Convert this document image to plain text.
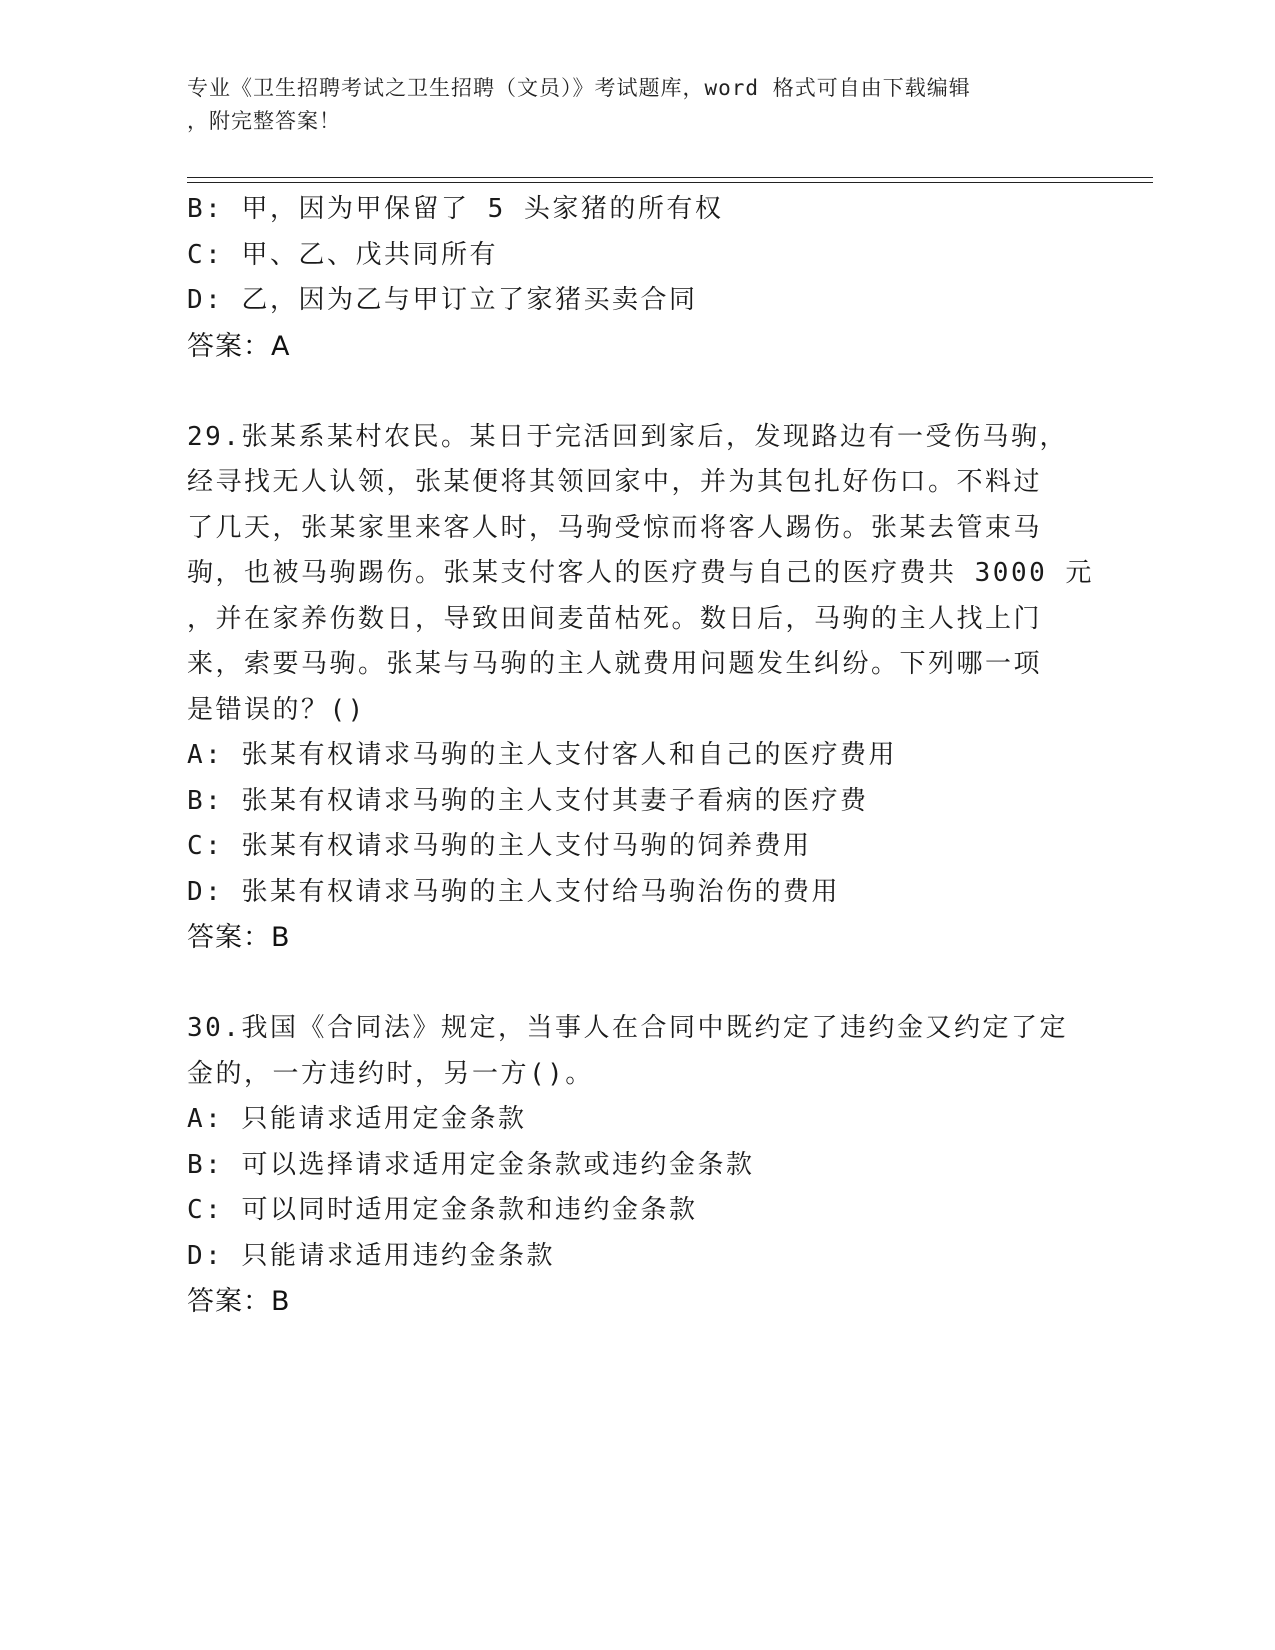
专业《卫生招聘考试之卫生招聘（文员）》考试题库，word 格式可自由下载编辑
，附完整答案！
B: 甲，因为甲保留了 5 头家猪的所有权
C: 甲、乙、戊共同所有
D: 乙，因为乙与甲订立了家猪买卖合同
答案：A
29.张某系某村农民。某日于完活回到家后，发现路边有一受伤马驹，
经寻找无人认领，张某便将其领回家中，并为其包扎好伤口。不料过
了几天，张某家里来客人时，马驹受惊而将客人踢伤。张某去管束马
驹，也被马驹踢伤。张某支付客人的医疗费与自己的医疗费共 3000 元
，并在家养伤数日，导致田间麦苗枯死。数日后，马驹的主人找上门
来，索要马驹。张某与马驹的主人就费用问题发生纠纷。下列哪一项
是错误的？()
A: 张某有权请求马驹的主人支付客人和自己的医疗费用
B: 张某有权请求马驹的主人支付其妻子看病的医疗费
C: 张某有权请求马驹的主人支付马驹的饲养费用
D: 张某有权请求马驹的主人支付给马驹治伤的费用
答案：B
30.我国《合同法》规定，当事人在合同中既约定了违约金又约定了定
金的，一方违约时，另一方()。
A: 只能请求适用定金条款
B: 可以选择请求适用定金条款或违约金条款
C: 可以同时适用定金条款和违约金条款
D: 只能请求适用违约金条款
答案：B
